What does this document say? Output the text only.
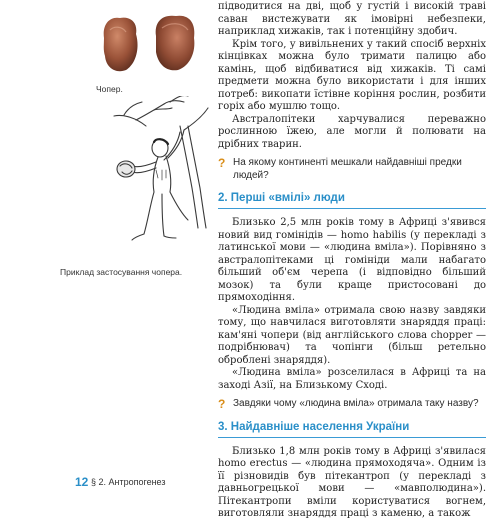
Чопер.
Приклад застосування чопера.

підводитися на дві, щоб у густій і високій траві саван вистежувати як імовірні небезпеки, наприклад хижаків, так і потенційну здобич.

Крім того, у вивільнених у такий спосіб верхніх кінцівках можна було тримати палицю або камінь, щоб відбиватися від хижаків. Ті самі предмети можна було використати і для інших потреб: викопати їстівне коріння рослин, розбити горіх або мушлю тощо.

Австралопітеки харчувалися переважно рослинною їжею, але могли й полювати на дрібних тварин.

? На якому континенті мешкали найдавніші предки людей?
2. Перші «вмілі» люди

Близько 2,5 млн років тому в Африці з'явився новий вид гомінідів — homo habilis (у перекладі з латинської мови — «людина вміла»). Порівняно з австралопітеками ці гомініди мали набагато більший об'єм черепа (і відповідно більший мозок) та були краще пристосовані до прямоходіння.

«Людина вміла» отримала свою назву завдяки тому, що навчилася виготовляти знаряддя праці: кам'яні чопери (від англійського слова chopper — подрібнювач) та чопінги (більш ретельно оброблені знаряддя).

«Людина вміла» розселилася в Африці та на заході Азії, на Близькому Сході.

? Завдяки чому «людина вміла» отримала таку назву?
3. Найдавніше населення України

Близько 1,8 млн років тому в Африці з'явилася homo erectus — «людина прямоходяча». Одним із її різновидів був пітекантроп (у перекладі з давньогрецької мови — «мавполюдина»). Пітекантропи вміли користуватися вогнем, виготовляли знаряддя праці з каменю, а також

12 § 2. Антропогенез
